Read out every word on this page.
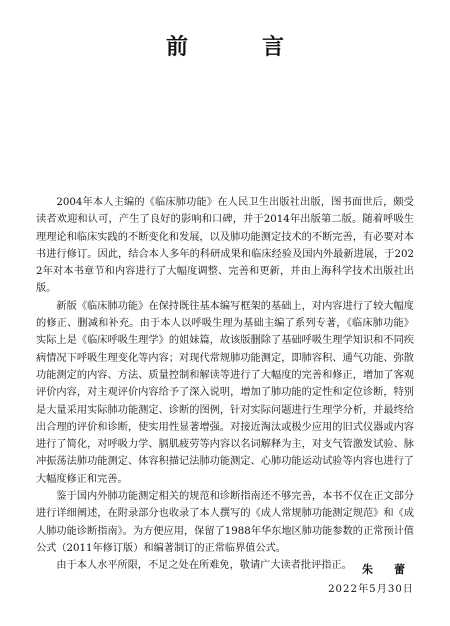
前　言

2004年本人主编的《临床肺功能》在人民卫生出版社出版，图书面世后，颇受读者欢迎和认可，产生了良好的影响和口碑，并于2014年出版第二版。随着呼吸生理理论和临床实践的不断变化和发展，以及肺功能测定技术的不断完善，有必要对本书进行修订。因此，结合本人多年的科研成果和临床经验及国内外最新进展，于2022年对本书章节和内容进行了大幅度调整、完善和更新，并由上海科学技术出版社出版。

新版《临床肺功能》在保持既往基本编写框架的基础上，对内容进行了较大幅度的修正、删减和补充。由于本人以呼吸生理为基础主编了系列专著，《临床肺功能》实际上是《临床呼吸生理学》的姐妹篇，故该版删除了基础呼吸生理学知识和不同疾病情况下呼吸生理变化等内容；对现代常规肺功能测定，即肺容积、通气功能、弥散功能测定的内容、方法、质量控制和解读等进行了大幅度的完善和修正，增加了客观评价内容，对主观评价内容给予了深入说明，增加了肺功能的定性和定位诊断，特别是大量采用实际肺功能测定、诊断的图例，针对实际问题进行生理学分析，并最终给出合理的评价和诊断，使实用性显著增强。对接近淘汰或极少应用的旧式仪器或内容进行了简化，对呼吸力学、膈肌疲劳等内容以名词解释为主，对支气管激发试验、脉冲振荡法肺功能测定、体容积描记法肺功能测定、心肺功能运动试验等内容也进行了大幅度修正和完善。

鉴于国内外肺功能测定相关的规范和诊断指南还不够完善，本书不仅在正文部分进行详细阐述，在附录部分也收录了本人撰写的《成人常规肺功能测定规范》和《成人肺功能诊断指南》。为方便应用，保留了1988年华东地区肺功能参数的正常预计值公式（2011年修订版）和编著制订的正常临界值公式。

由于本人水平所限，不足之处在所难免，敬请广大读者批评指正。 朱　蕾
2022年5月30日
